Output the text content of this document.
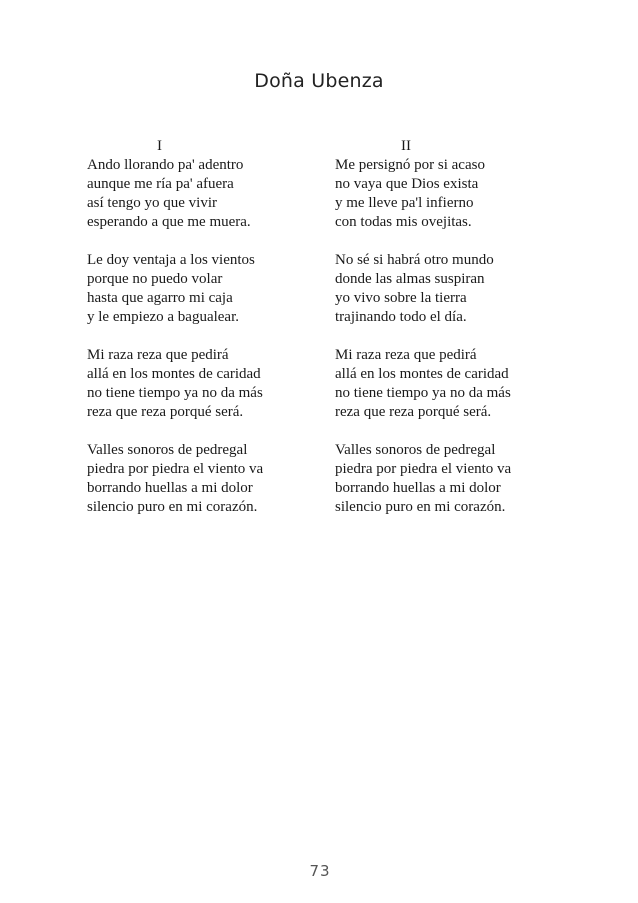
Doña Ubenza
I
Ando llorando pa' adentro
aunque me ría pa' afuera
así tengo yo que vivir
esperando a que me muera.
Le doy ventaja a los vientos
porque no puedo volar
hasta que agarro mi caja
y le empiezo a bagualear.
Mi raza reza que pedirá
allá en los montes de caridad
no tiene tiempo ya no da más
reza que reza porqué será.
Valles sonoros de pedregal
piedra por piedra el viento va
borrando huellas a mi dolor
silencio puro en mi corazón.
II
Me persignó por si acaso
no vaya que Dios exista
y me lleve pa'l infierno
con todas mis ovejitas.
No sé si habrá otro mundo
donde las almas suspiran
yo vivo sobre la tierra
trajinando todo el día.
Mi raza reza que pedirá
allá en los montes de caridad
no tiene tiempo ya no da más
reza que reza porqué será.
Valles sonoros de pedregal
piedra por piedra el viento va
borrando huellas a mi dolor
silencio puro en mi corazón.
73
